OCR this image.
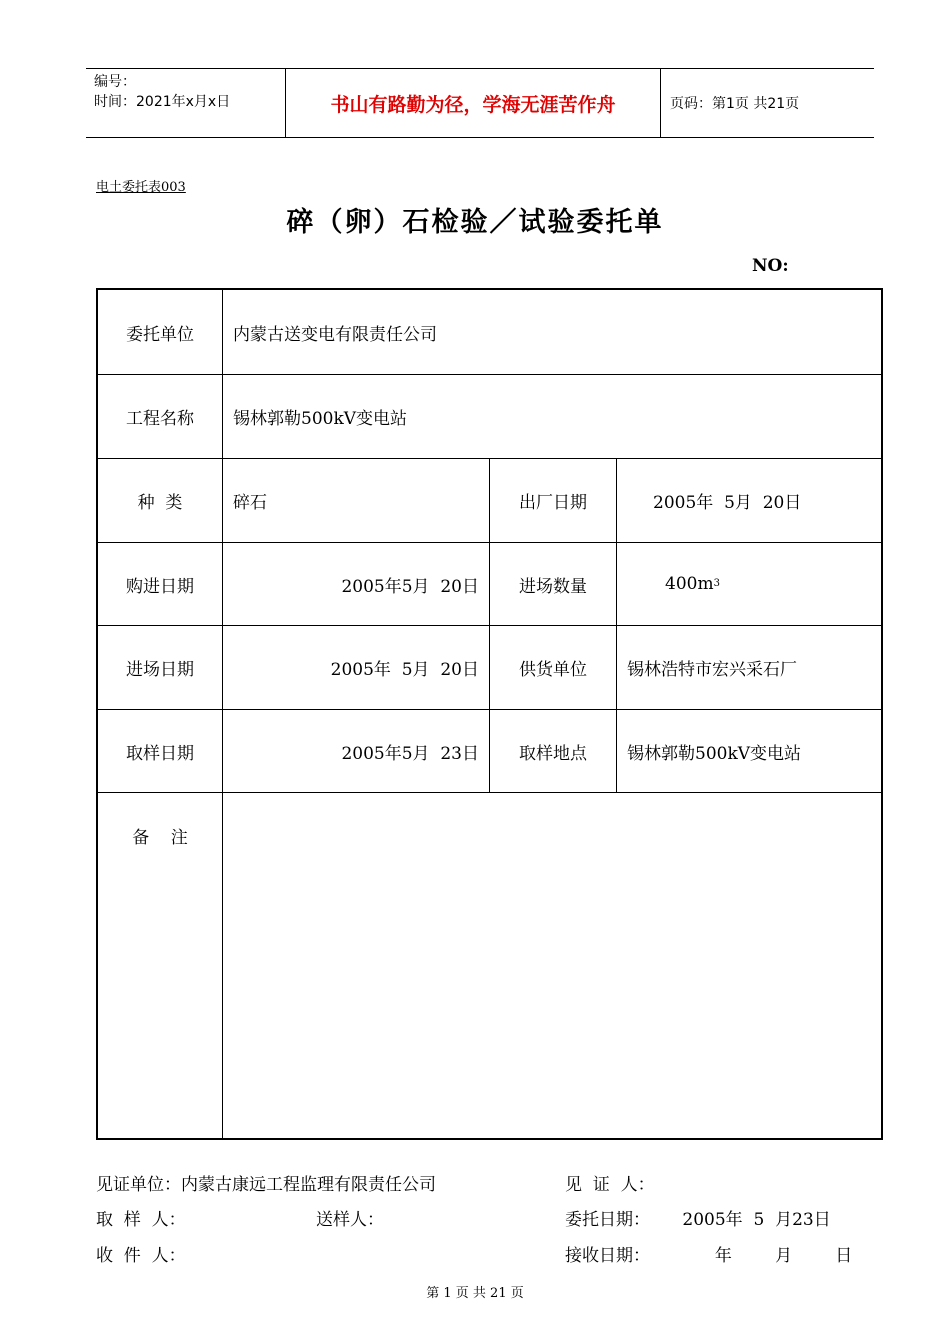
编号：
时间：2021年x月x日	书山有路勤为径，学海无涯苦作舟	页码：第1页 共21页
电土委托表003
碎（卵）石检验／试验委托单
NO:
委托单位	内蒙古送变电有限责任公司
工程名称	锡林郭勒500kV变电站
种  类	碎石	出厂日期	2005年  5月  20日
购进日期	2005年5月  20日	进场数量	400m 3
进场日期	2005年  5月  20日	供货单位	锡林浩特市宏兴采石厂
取样日期	2005年5月  23日	取样地点	锡林郭勒500kV变电站
备    注
见证单位：内蒙古康远工程监理有限责任公司	见  证  人：
取  样  人：	送样人：	委托日期：      2005年  5  月23日
收  件  人：	接收日期：            年        月        日
第 1 页 共 21 页
